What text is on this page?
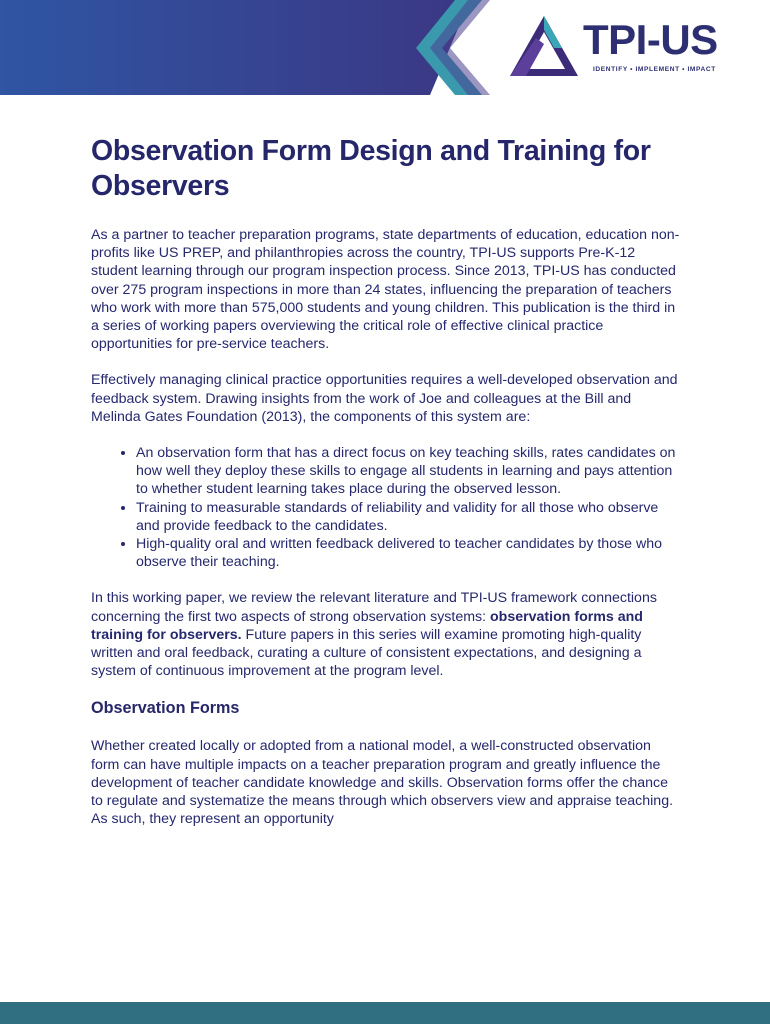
TPI-US
IDENTIFY • IMPLEMENT • IMPACT
Observation Form Design and Training for Observers

As a partner to teacher preparation programs, state departments of education, education non-profits like US PREP, and philanthropies across the country, TPI-US supports Pre-K-12 student learning through our program inspection process. Since 2013, TPI-US has conducted over 275 program inspections in more than 24 states, influencing the preparation of teachers who work with more than 575,000 students and young children. This publication is the third in a series of working papers overviewing the critical role of effective clinical practice opportunities for pre-service teachers.

Effectively managing clinical practice opportunities requires a well-developed observation and feedback system. Drawing insights from the work of Joe and colleagues at the Bill and Melinda Gates Foundation (2013), the components of this system are:

• An observation form that has a direct focus on key teaching skills, rates candidates on how well they deploy these skills to engage all students in learning and pays attention to whether student learning takes place during the observed lesson.
• Training to measurable standards of reliability and validity for all those who observe and provide feedback to the candidates.
• High-quality oral and written feedback delivered to teacher candidates by those who observe their teaching.

In this working paper, we review the relevant literature and TPI-US framework connections concerning the first two aspects of strong observation systems: observation forms and training for observers. Future papers in this series will examine promoting high-quality written and oral feedback, curating a culture of consistent expectations, and designing a system of continuous improvement at the program level.

Observation Forms

Whether created locally or adopted from a national model, a well-constructed observation form can have multiple impacts on a teacher preparation program and greatly influence the development of teacher candidate knowledge and skills. Observation forms offer the chance to regulate and systematize the means through which observers view and appraise teaching. As such, they represent an opportunity
